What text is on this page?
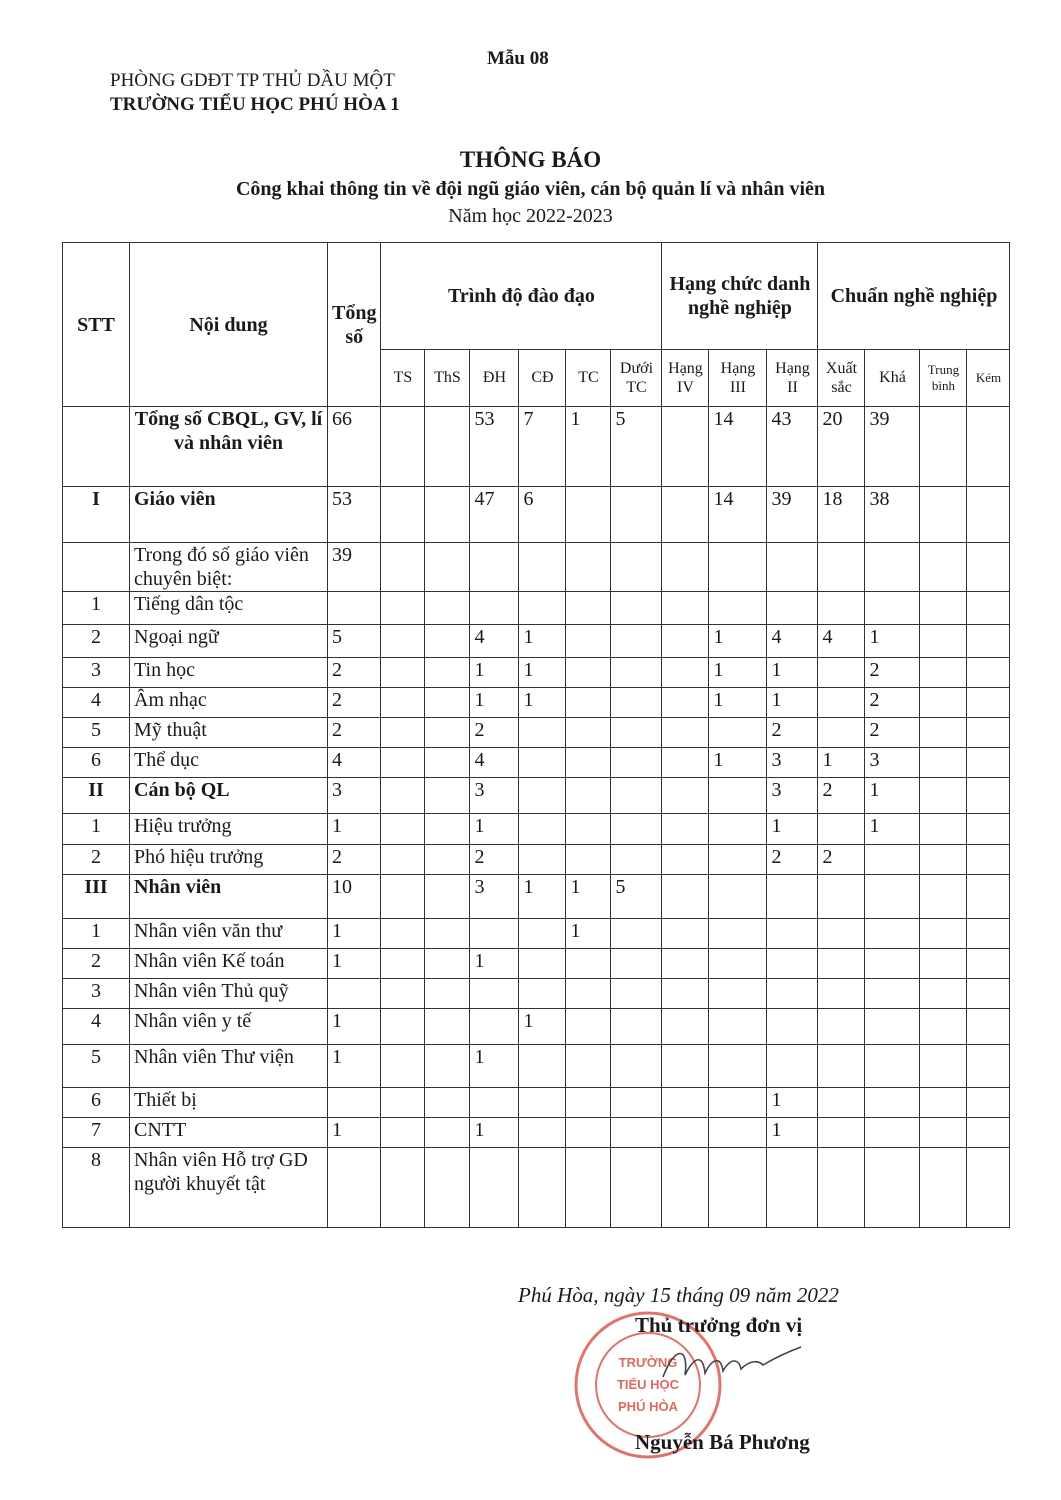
Mẫu 08
PHÒNG GDĐT TP THỦ DẦU MỘT
TRƯỜNG TIỂU HỌC PHÚ HÒA 1
THÔNG BÁO
Công khai thông tin về đội ngũ giáo viên, cán bộ quản lí và nhân viên
Năm học 2022-2023
STT	Nội dung	Tổng số	Trình độ đào đạo						Hạng chức danh nghề nghiệp			Chuẩn nghề nghiệp			
			TS	ThS	ĐH	CĐ	TC	Dưới TC	Hạng IV	Hạng III	Hạng II	Xuất sắc	Khá	Trung bình	Kém
	Tổng số CBQL, GV, lí và nhân viên	66			53	7	1	5		14	43	20	39		
I	Giáo viên	53			47	6				14	39	18	38		
	Trong đó số giáo viên chuyên biệt:	39													
1	Tiếng dân tộc														
2	Ngoại ngữ	5			4	1				1	4	4	1		
3	Tin học	2			1	1				1	1		2		
4	Âm nhạc	2			1	1				1	1		2		
5	Mỹ thuật	2			2						2		2		
6	Thể dục	4			4					1	3	1	3		
II	Cán bộ QL	3			3						3	2	1		
1	Hiệu trưởng	1			1						1		1		
2	Phó hiệu trưởng	2			2						2	2			
III	Nhân viên	10			3	1	1	5							
1	Nhân viên văn thư	1					1								
2	Nhân viên Kế toán	1			1										
3	Nhân viên Thủ quỹ														
4	Nhân viên y tế	1				1									
5	Nhân viên Thư viện	1			1										
6	Thiết bị										1				
7	CNTT	1			1						1				
8	Nhân viên Hỗ trợ GD người khuyết tật														
Phú Hòa, ngày 15 tháng 09 năm 2022
TRƯỜNG
TIỂU HỌC
PHÚ HÒA
Thủ trưởng đơn vị
Nguyễn Bá Phương
